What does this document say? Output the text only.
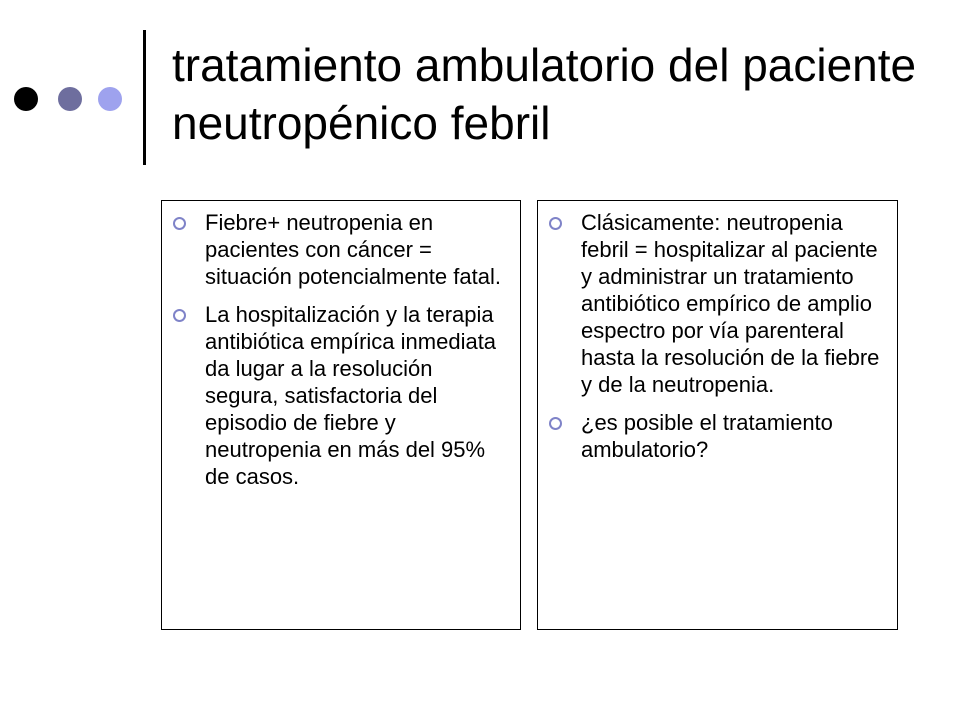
tratamiento ambulatorio del paciente neutropénico febril
Fiebre+ neutropenia en pacientes con cáncer = situación potencialmente fatal.
La hospitalización y la terapia antibiótica empírica inmediata da lugar a la resolución segura, satisfactoria del episodio de fiebre y neutropenia en más del 95% de casos.
Clásicamente: neutropenia febril = hospitalizar al paciente y administrar un tratamiento antibiótico empírico de amplio espectro por vía parenteral hasta la resolución de la fiebre y de la neutropenia.
¿es posible el tratamiento ambulatorio?
